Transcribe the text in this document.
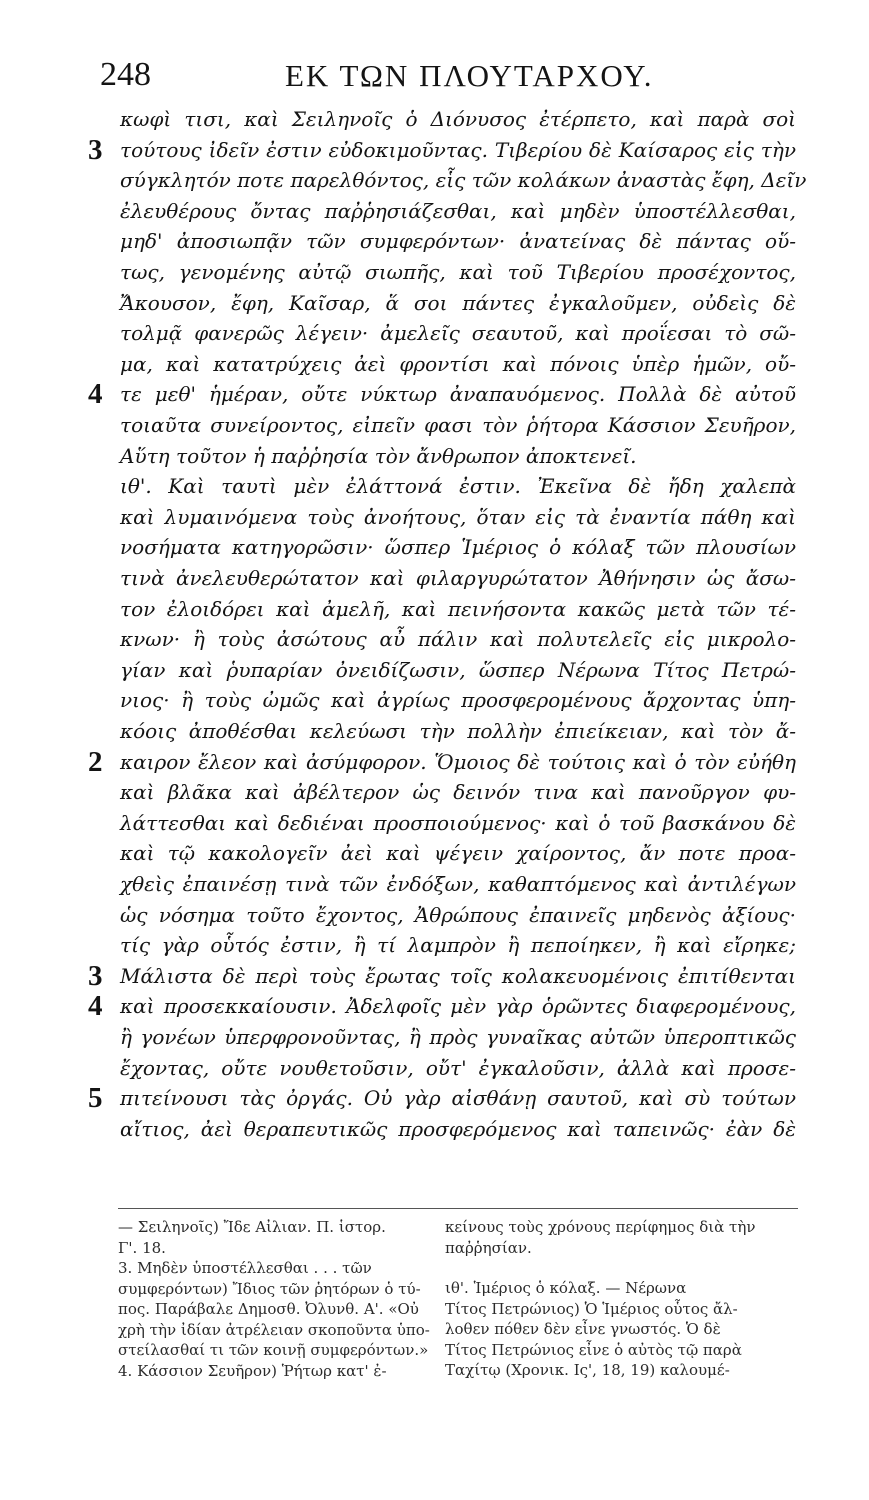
248	ΕΚ ΤΩΝ ΠΛΟΥΤΑΡΧΟΥ.
κωφὶ τισι, καὶ Σειληνοῖς ὁ Διόνυσος ἐτέρπετο, καὶ παρὰ σοὶ
τούτους ἰδεῖν ἐστιν εὐδοκιμοῦντας. Τιβερίου δὲ Καίσαρος εἰς τὴν
3
σύγκλητόν ποτε παρελθόντος, εἷς τῶν κολάκων ἀναστὰς ἔφη, Δεῖν
ἐλευθέρους ὄντας παῤῥησιάζεσθαι, καὶ μηδὲν ὑποστέλλεσθαι,
μηδ' ἀποσιωπᾷν τῶν συμφερόντων· ἀνατείνας δὲ πάντας οὕ-
τως, γενομένης αὐτῷ σιωπῆς, καὶ τοῦ Τιβερίου προσέχοντος,
Ἄκουσον, ἔφη, Καῖσαρ, ἅ σοι πάντες ἐγκαλοῦμεν, οὐδεὶς δὲ
τολμᾷ φανερῶς λέγειν· ἀμελεῖς σεαυτοῦ, καὶ προΐεσαι τὸ σῶ-
μα, καὶ κατατρύχεις ἀεὶ φροντίσι καὶ πόνοις ὑπὲρ ἡμῶν, οὔ-
τε μεθ' ἡμέραν, οὔτε νύκτωρ ἀναπαυόμενος. Πολλὰ δὲ αὐτοῦ
4
τοιαῦτα συνείροντος, εἰπεῖν φασι τὸν ῥήτορα Κάσσιον Σευῆρον,
Αὕτη τοῦτον ἡ παῤῥησία τὸν ἄνθρωπον ἀποκτενεῖ.
ιθ'. Καὶ ταυτὶ μὲν ἐλάττονά ἐστιν. Ἐκεῖνα δὲ ἤδη χαλεπὰ
καὶ λυμαινόμενα τοὺς ἀνοήτους, ὅταν εἰς τὰ ἐναντία πάθη καὶ
νοσήματα κατηγορῶσιν· ὥσπερ Ἱμέριος ὁ κόλαξ τῶν πλουσίων
τινὰ ἀνελευθερώτατον καὶ φιλαργυρώτατον Ἀθήνησιν ὡς ἄσω-
τον ἐλοιδόρει καὶ ἀμελῆ, καὶ πεινήσοντα κακῶς μετὰ τῶν τέ-
κνων· ἢ τοὺς ἀσώτους αὖ πάλιν καὶ πολυτελεῖς εἰς μικρολο-
γίαν καὶ ῥυπαρίαν ὀνειδίζωσιν, ὥσπερ Νέρωνα Τίτος Πετρώ-
νιος· ἢ τοὺς ὠμῶς καὶ ἀγρίως προσφερομένους ἄρχοντας ὑπη-
κόοις ἀποθέσθαι κελεύωσι τὴν πολλὴν ἐπιείκειαν, καὶ τὸν ἄ-
καιρον ἔλεον καὶ ἀσύμφορον. Ὅμοιος δὲ τούτοις καὶ ὁ τὸν εὐήθη
2
καὶ βλᾶκα καὶ ἀβέλτερον ὡς δεινόν τινα καὶ πανοῦργον φυ-
λάττεσθαι καὶ δεδιέναι προσποιούμενος· καὶ ὁ τοῦ βασκάνου δὲ
καὶ τῷ κακολογεῖν ἀεὶ καὶ ψέγειν χαίροντος, ἄν ποτε προα-
χθεὶς ἐπαινέσῃ τινὰ τῶν ἐνδόξων, καθαπτόμενος καὶ ἀντιλέγων
ὡς νόσημα τοῦτο ἔχοντος, Ἀθρώπους ἐπαινεῖς μηδενὸς ἀξίους·
τίς γὰρ οὗτός ἐστιν, ἢ τί λαμπρὸν ἢ πεποίηκεν, ἢ καὶ εἴρηκε;
Μάλιστα δὲ περὶ τοὺς ἔρωτας τοῖς κολακευομένοις ἐπιτίθενται
3
καὶ προσεκκαίουσιν. Ἀδελφοῖς μὲν γὰρ ὁρῶντες διαφερομένους,
4
ἢ γονέων ὑπερφρονοῦντας, ἢ πρὸς γυναῖκας αὐτῶν ὑπεροπτικῶς
ἔχοντας, οὔτε νουθετοῦσιν, οὔτ' ἐγκαλοῦσιν, ἀλλὰ καὶ προσε-
πιτείνουσι τὰς ὀργάς. Οὐ γὰρ αἰσθάνῃ σαυτοῦ, καὶ σὺ τούτων
5
αἴτιος, ἀεὶ θεραπευτικῶς προσφερόμενος καὶ ταπεινῶς· ἐὰν δὲ
— Σειληνοῖς) Ἴδε Αἰλιαν. Π. ἱστορ.
Γ'. 18.
3. Μηδὲν ὑποστέλλεσθαι . . . τῶν
συμφερόντων) Ἴδιος τῶν ῥητόρων ὁ τύ-
πος. Παράβαλε Δημοσθ. Ὀλυνθ. Α'. «Οὐ
χρὴ τὴν ἰδίαν ἀτρέλειαν σκοποῦντα ὑπο-
στείλασθαί τι τῶν κοινῇ συμφερόντων.»
4. Κάσσιον Σευῆρον) Ῥήτωρ κατ' ἐ-
κείνους τοὺς χρόνους περίφημος διὰ τὴν
παῤῥησίαν.
ιθ'. Ἱμέριος ὁ κόλαξ. — Νέρωνα
Τίτος Πετρώνιος) Ὁ Ἱμέριος οὗτος ἄλ-
λοθεν πόθεν δὲν εἶνε γνωστός. Ὁ δὲ
Τίτος Πετρώνιος εἶνε ὁ αὐτὸς τῷ παρὰ
Ταχίτῳ (Χρονικ. Ις', 18, 19) καλουμέ-
